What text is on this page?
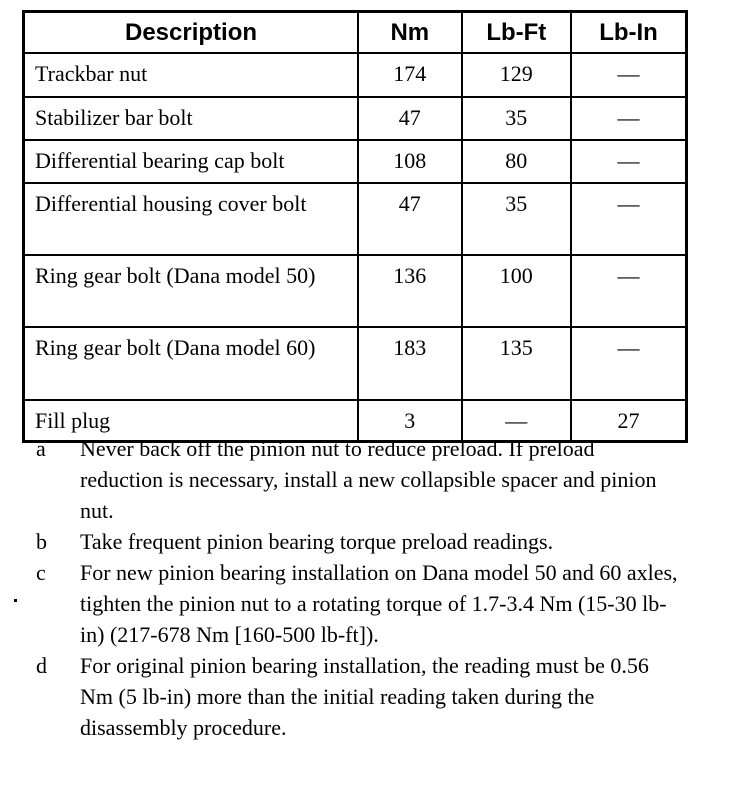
Description	Nm	Lb-Ft	Lb-In
Trackbar nut	174	129	—
Stabilizer bar bolt	47	35	—
Differential bearing cap bolt	108	80	—
Differential housing cover bolt	47	35	—
Ring gear bolt (Dana model 50)	136	100	—
Ring gear bolt (Dana model 60)	183	135	—
Fill plug	3	—	27
a	Never back off the pinion nut to reduce preload. If preload reduction is necessary, install a new collapsible spacer and pinion nut.
b	Take frequent pinion bearing torque preload readings.
c	For new pinion bearing installation on Dana model 50 and 60 axles, tighten the pinion nut to a rotating torque of 1.7-3.4 Nm (15-30 lb-in) (217-678 Nm [160-500 lb-ft]).
d	For original pinion bearing installation, the reading must be 0.56 Nm (5 lb-in) more than the initial reading taken during the disassembly procedure.
